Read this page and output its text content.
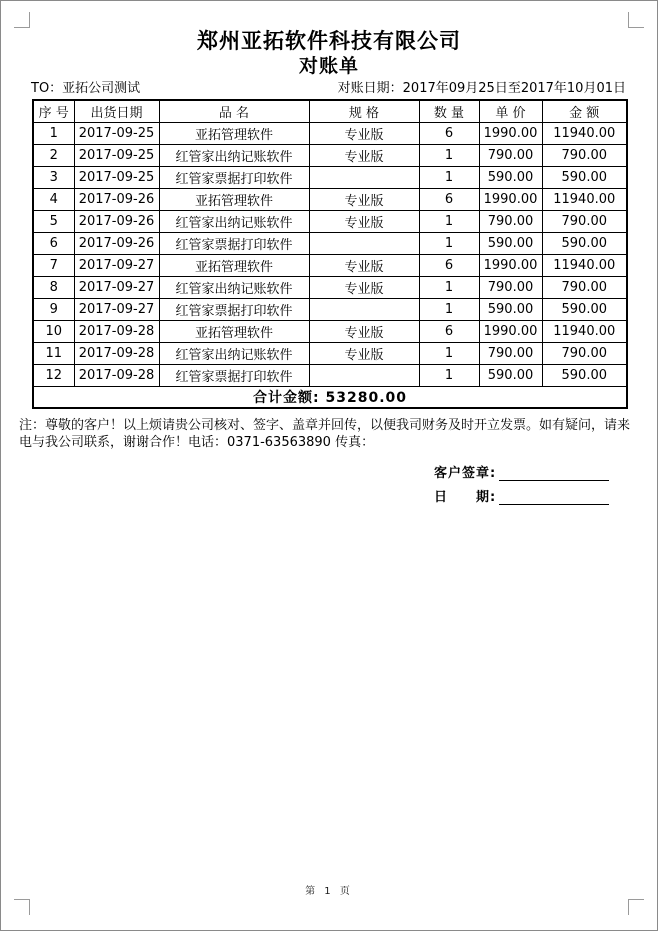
郑州亚拓软件科技有限公司
对账单
TO：亚拓公司测试	对账日期：2017年09月25日至2017年10月01日
序 号	出货日期	品 名	规 格	数 量	单 价	金 额
1	2017-09-25	亚拓管理软件	专业版	6	1990.00	11940.00
2	2017-09-25	红管家出纳记账软件	专业版	1	790.00	790.00
3	2017-09-25	红管家票据打印软件		1	590.00	590.00
4	2017-09-26	亚拓管理软件	专业版	6	1990.00	11940.00
5	2017-09-26	红管家出纳记账软件	专业版	1	790.00	790.00
6	2017-09-26	红管家票据打印软件		1	590.00	590.00
7	2017-09-27	亚拓管理软件	专业版	6	1990.00	11940.00
8	2017-09-27	红管家出纳记账软件	专业版	1	790.00	790.00
9	2017-09-27	红管家票据打印软件		1	590.00	590.00
10	2017-09-28	亚拓管理软件	专业版	6	1990.00	11940.00
11	2017-09-28	红管家出纳记账软件	专业版	1	790.00	790.00
12	2017-09-28	红管家票据打印软件		1	590.00	590.00
合计金额: 53280.00						
注：尊敬的客户！以上烦请贵公司核对、签字、盖章并回传，以便我司财务及时开立发票。如有疑问，请来
电与我公司联系，谢谢合作！电话：0371-63563890 传真：
客户签章:
日　　期:
第 1 页
